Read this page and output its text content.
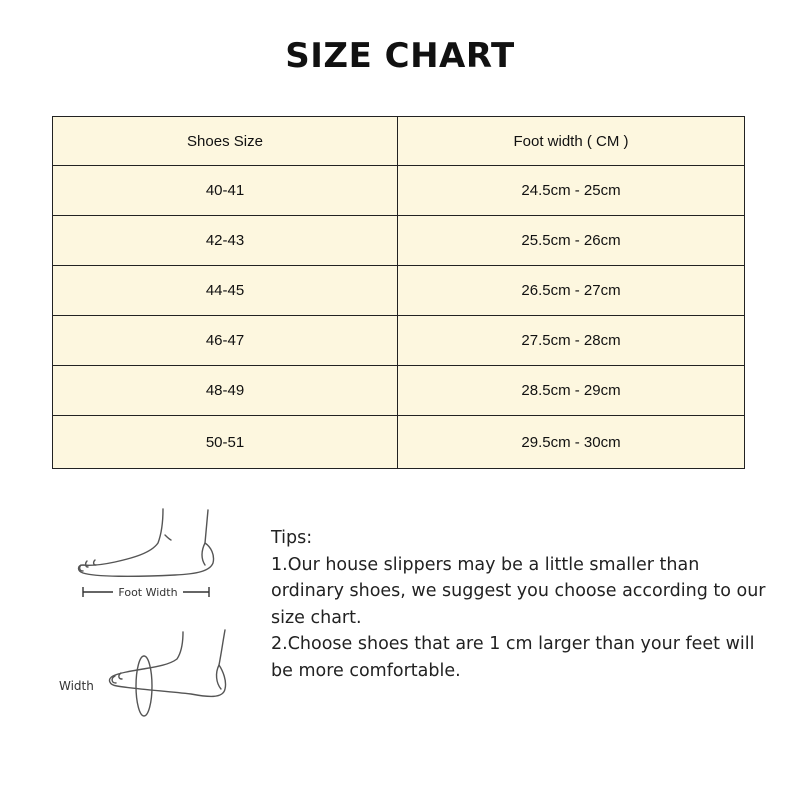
SIZE CHART
Shoes Size	Foot width ( CM )
40-41	24.5cm - 25cm
42-43	25.5cm - 26cm
44-45	26.5cm - 27cm
46-47	27.5cm - 28cm
48-49	28.5cm - 29cm
50-51	29.5cm - 30cm
Foot Width
Width
Tips:
1.Our house slippers may be a little smaller than ordinary shoes, we suggest you choose according to our size chart.
2.Choose shoes that are 1 cm larger than your feet will be more comfortable.
